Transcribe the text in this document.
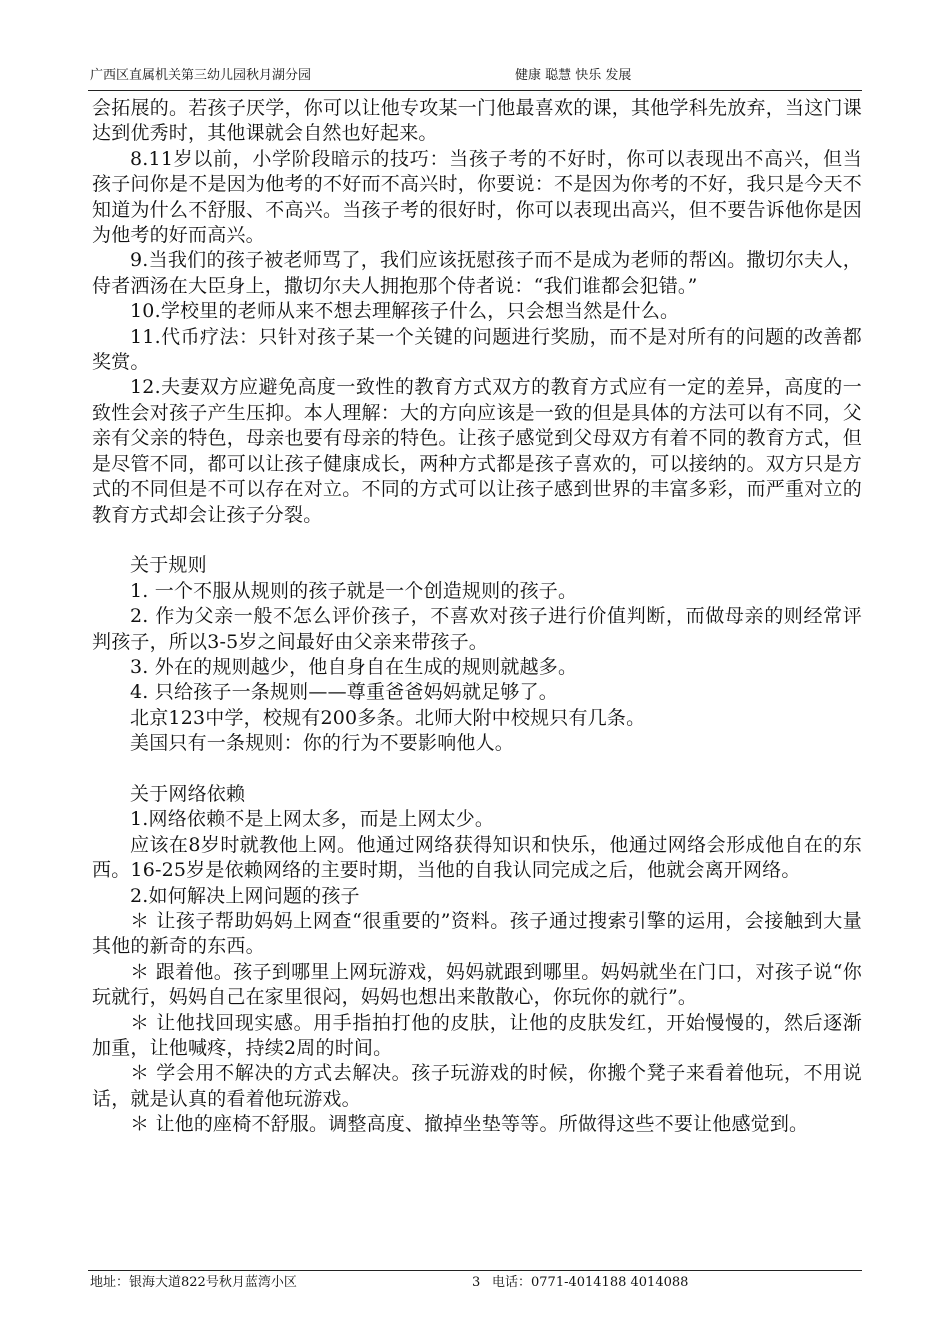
广西区直属机关第三幼儿园秋月湖分园	健康 聪慧 快乐 发展

会拓展的。若孩子厌学，你可以让他专攻某一门他最喜欢的课，其他学科先放弃，当这门课达到优秀时，其他课就会自然也好起来。

8.11岁以前，小学阶段暗示的技巧：当孩子考的不好时，你可以表现出不高兴，但当孩子问你是不是因为他考的不好而不高兴时，你要说：不是因为你考的不好，我只是今天不知道为什么不舒服、不高兴。当孩子考的很好时，你可以表现出高兴，但不要告诉他你是因为他考的好而高兴。

9.当我们的孩子被老师骂了，我们应该抚慰孩子而不是成为老师的帮凶。撒切尔夫人，侍者洒汤在大臣身上，撒切尔夫人拥抱那个侍者说：“我们谁都会犯错。”

10.学校里的老师从来不想去理解孩子什么，只会想当然是什么。

11.代币疗法：只针对孩子某一个关键的问题进行奖励，而不是对所有的问题的改善都奖赏。

12.夫妻双方应避免高度一致性的教育方式双方的教育方式应有一定的差异，高度的一致性会对孩子产生压抑。本人理解：大的方向应该是一致的但是具体的方法可以有不同，父亲有父亲的特色，母亲也要有母亲的特色。让孩子感觉到父母双方有着不同的教育方式，但是尽管不同，都可以让孩子健康成长，两种方式都是孩子喜欢的，可以接纳的。双方只是方式的不同但是不可以存在对立。不同的方式可以让孩子感到世界的丰富多彩，而严重对立的教育方式却会让孩子分裂。

关于规则

1. 一个不服从规则的孩子就是一个创造规则的孩子。

2. 作为父亲一般不怎么评价孩子，不喜欢对孩子进行价值判断，而做母亲的则经常评判孩子，所以3-5岁之间最好由父亲来带孩子。

3. 外在的规则越少，他自身自在生成的规则就越多。

4. 只给孩子一条规则——尊重爸爸妈妈就足够了。

北京123中学，校规有200多条。北师大附中校规只有几条。

美国只有一条规则：你的行为不要影响他人。

关于网络依赖

1.网络依赖不是上网太多，而是上网太少。

应该在8岁时就教他上网。他通过网络获得知识和快乐，他通过网络会形成他自在的东西。16-25岁是依赖网络的主要时期，当他的自我认同完成之后，他就会离开网络。

2.如何解决上网问题的孩子

＊ 让孩子帮助妈妈上网查“很重要的”资料。孩子通过搜索引擎的运用，会接触到大量其他的新奇的东西。

＊ 跟着他。孩子到哪里上网玩游戏，妈妈就跟到哪里。妈妈就坐在门口，对孩子说“你玩就行，妈妈自己在家里很闷，妈妈也想出来散散心，你玩你的就行”。

＊ 让他找回现实感。用手指拍打他的皮肤，让他的皮肤发红，开始慢慢的，然后逐渐加重，让他喊疼，持续2周的时间。

＊ 学会用不解决的方式去解决。孩子玩游戏的时候，你搬个凳子来看着他玩，不用说话，就是认真的看着他玩游戏。

＊ 让他的座椅不舒服。调整高度、撤掉坐垫等等。所做得这些不要让他感觉到。

地址：银海大道822号秋月蓝湾小区	3 电话：0771-4014188 4014088
